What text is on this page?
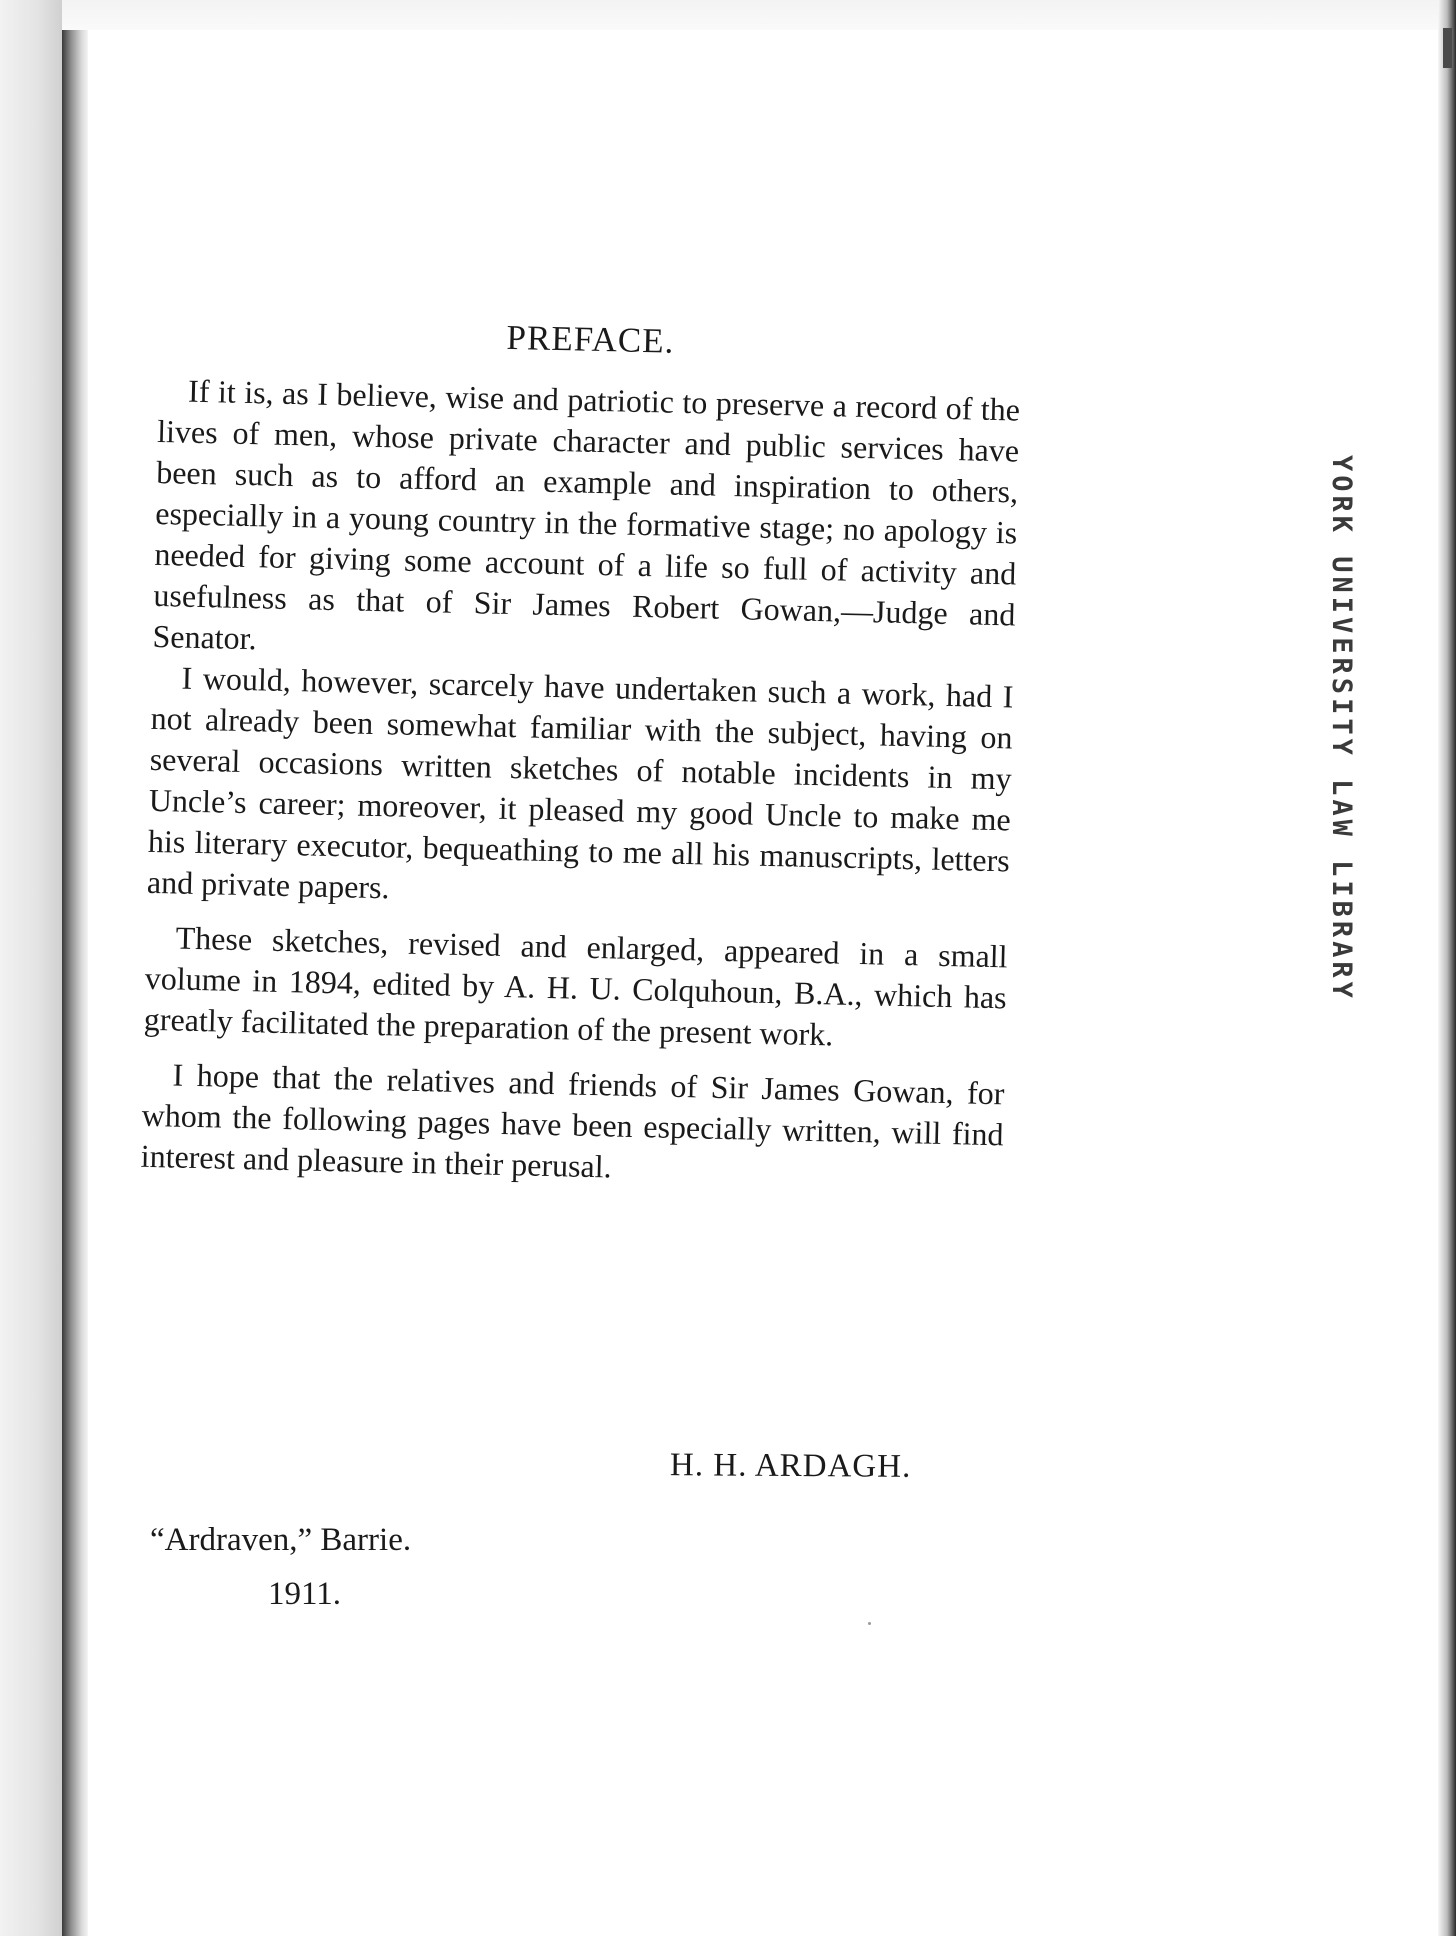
PREFACE.

If it is, as I believe, wise and patriotic to preserve a record of the lives of men, whose private character and public services have been such as to afford an example and inspiration to others, especially in a young country in the formative stage; no apology is needed for giving some account of a life so full of activity and usefulness as that of Sir James Robert Gowan,—Judge and Senator.

I would, however, scarcely have undertaken such a work, had I not already been somewhat familiar with the subject, having on several occasions written sketches of notable incidents in my Uncle’s career; moreover, it pleased my good Uncle to make me his literary executor, bequeathing to me all his manuscripts, letters and private papers.

These sketches, revised and enlarged, appeared in a small volume in 1894, edited by A. H. U. Colquhoun, B.A., which has greatly facilitated the preparation of the present work.

I hope that the relatives and friends of Sir James Gowan, for whom the following pages have been especially written, will find interest and pleasure in their perusal.

H. H. ARDAGH.
“Ardraven,” Barrie.
1911.
YORK UNIVERSITY LAW LIBRARY
